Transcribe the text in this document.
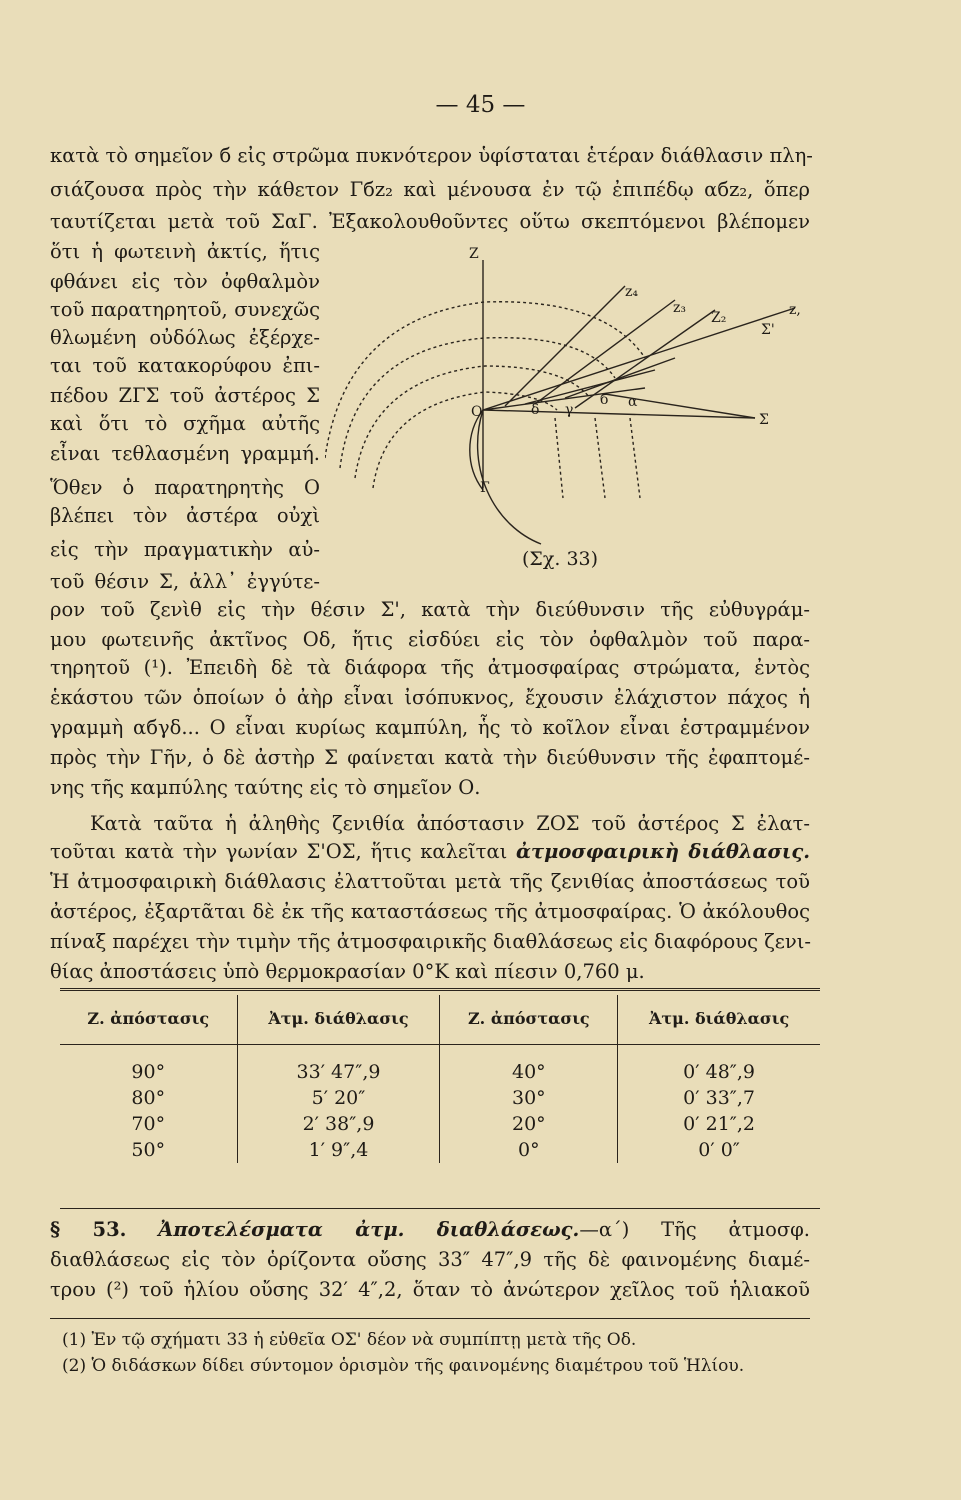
— 45 —
κατὰ τὸ σημεῖον б εἰς στρῶμα πυκνότερον ὑφίσταται ἑτέραν διάθλασιν πλη-
σιάζουσα πρὸς τὴν κάθετον Γбz₂ καὶ μένουσα ἐν τῷ ἐπιπέδῳ αбz₂, ὅπερ
ταυτίζεται μετὰ τοῦ ΣαΓ. Ἐξακολουθοῦντες οὕτω σκεπτόμενοι βλέπομεν
ὅτι ἡ φωτεινὴ ἀκτίς, ἥτις
φθάνει εἰς τὸν ὀφθαλμὸν
τοῦ παρατηρητοῦ, συνεχῶς
θλωμένη οὐδόλως ἐξέρχε-
ται τοῦ κατακορύφου ἐπι-
πέδου ΖΓΣ τοῦ ἀστέρος Σ
καὶ ὅτι τὸ σχῆμα αὐτῆς
εἶναι τεθλασμένη γραμμή.
Ὅθεν ὁ παρατηρητὴς Ο
βλέπει τὸν ἀστέρα οὐχὶ
εἰς τὴν πραγματικὴν αὐ-
τοῦ θέσιν Σ, ἀλλ᾽ ἐγγύτε-
Z
z₄
z₃
Z₂	z,
Σ'
Σ
O
Γ
α
б
γ
δ
(Σχ. 33)
ρον τοῦ ζενὶθ εἰς τὴν θέσιν Σ', κατὰ τὴν διεύθυνσιν τῆς εὐθυγράμ-
μου φωτεινῆς ἀκτῖνος Οδ, ἥτις εἰσδύει εἰς τὸν ὀφθαλμὸν τοῦ παρα-
τηρητοῦ (¹). Ἐπειδὴ δὲ τὰ διάφορα τῆς ἀτμοσφαίρας στρώματα, ἐντὸς
ἑκάστου τῶν ὁποίων ὁ ἀὴρ εἶναι ἰσόπυκνος, ἔχουσιν ἐλάχιστον πάχος ἡ
γραμμὴ αбγδ... Ο εἶναι κυρίως καμπύλη, ἧς τὸ κοῖλον εἶναι ἐστραμμένον
πρὸς τὴν Γῆν, ὁ δὲ ἀστὴρ Σ φαίνεται κατὰ τὴν διεύθυνσιν τῆς ἐφαπτομέ-
νης τῆς καμπύλης ταύτης εἰς τὸ σημεῖον Ο.
Κατὰ ταῦτα ἡ ἀληθὴς ζενιθία ἀπόστασιν ΖΟΣ τοῦ ἀστέρος Σ ἐλατ-
τοῦται κατὰ τὴν γωνίαν Σ'ΟΣ, ἥτις καλεῖται ἀτμοσφαιρικὴ διάθλασις.
Ἡ ἀτμοσφαιρικὴ διάθλασις ἐλαττοῦται μετὰ τῆς ζενιθίας ἀποστάσεως τοῦ
ἀστέρος, ἐξαρτᾶται δὲ ἐκ τῆς καταστάσεως τῆς ἀτμοσφαίρας. Ὁ ἀκόλουθος
πίναξ παρέχει τὴν τιμὴν τῆς ἀτμοσφαιρικῆς διαθλάσεως εἰς διαφόρους ζενι-
θίας ἀποστάσεις ὑπὸ θερμοκρασίαν 0°Κ καὶ πίεσιν 0,760 μ.
Ζ. ἀπόστασις	Ἀτμ. διάθλασις	Ζ. ἀπόστασις	Ἀτμ. διάθλασις
90°	33′ 47″,9	40°	0′ 48″,9
80°	5′ 20″	30°	0′ 33″,7
70°	2′ 38″,9	20°	0′ 21″,2
50°	1′ 9″,4	0°	0′ 0″
§ 53. Ἀποτελέσματα ἀτμ. διαθλάσεως.—α΄) Τῆς ἀτμοσφ.
διαθλάσεως εἰς τὸν ὁρίζοντα οὔσης 33″ 47″,9 τῆς δὲ φαινομένης διαμέ-
τρου (²) τοῦ ἡλίου οὔσης 32′ 4″,2, ὅταν τὸ ἀνώτερον χεῖλος τοῦ ἡλιακοῦ
(1) Ἐν τῷ σχήματι 33 ἡ εὐθεῖα ΟΣ' δέον νὰ συμπίπτῃ μετὰ τῆς Οδ.
(2) Ὁ διδάσκων δίδει σύντομον ὁρισμὸν τῆς φαινομένης διαμέτρου τοῦ Ἡλίου.
